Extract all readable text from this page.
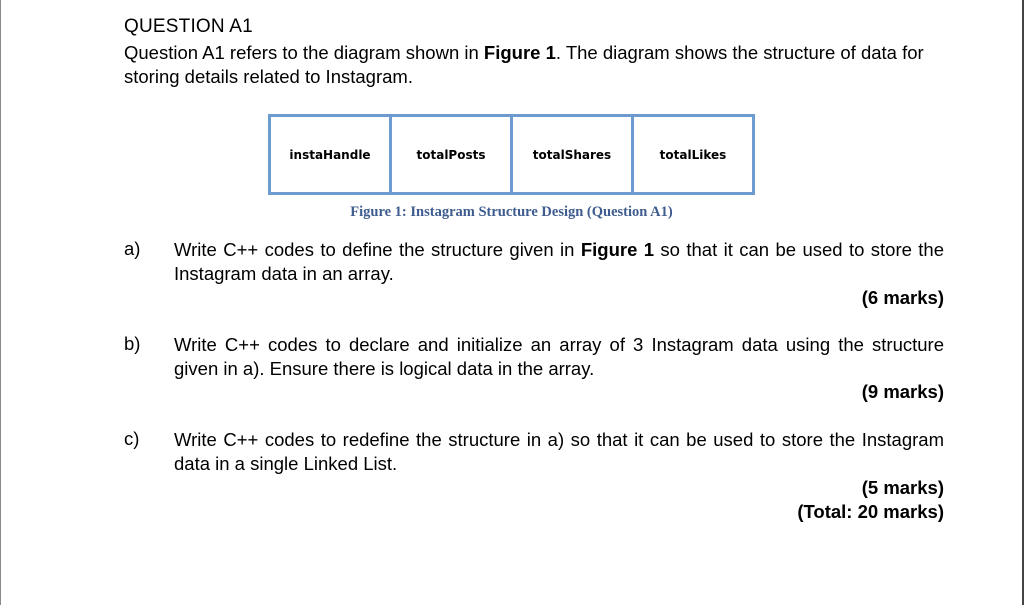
QUESTION A1
Question A1 refers to the diagram shown in Figure 1. The diagram shows the structure of data for storing details related to Instagram.
instaHandle	totalPosts	totalShares	totalLikes
Figure 1: Instagram Structure Design (Question A1)
a) Write C++ codes to define the structure given in Figure 1 so that it can be used to store the Instagram data in an array.
(6 marks)
b) Write C++ codes to declare and initialize an array of 3 Instagram data using the structure given in a). Ensure there is logical data in the array.
(9 marks)
c) Write C++ codes to redefine the structure in a) so that it can be used to store the Instagram data in a single Linked List.
(5 marks)
(Total: 20 marks)
